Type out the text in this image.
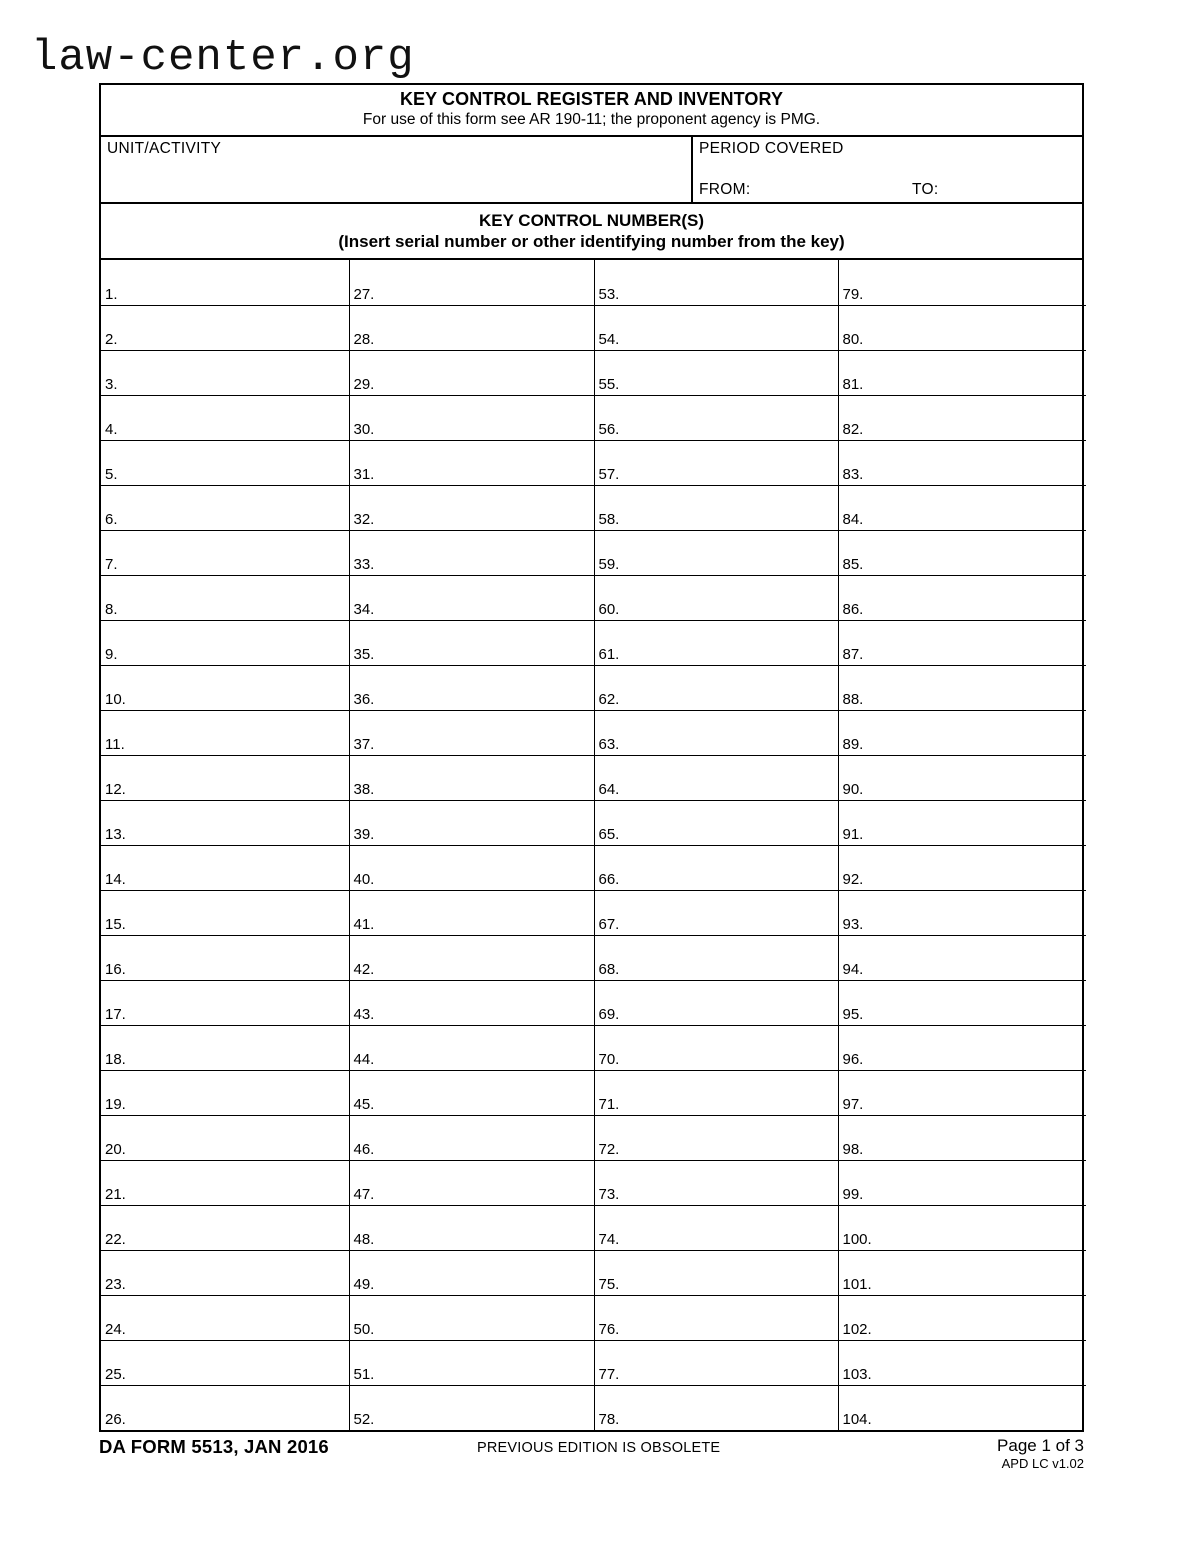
law-center.org
KEY CONTROL REGISTER AND INVENTORY
For use of this form see AR 190-11; the proponent agency is PMG.
UNIT/ACTIVITY	PERIOD COVERED
FROM:	TO:
KEY CONTROL NUMBER(S)
(Insert serial number or other identifying number from the key)
1.	27.	53.	79.
2.	28.	54.	80.
3.	29.	55.	81.
4.	30.	56.	82.
5.	31.	57.	83.
6.	32.	58.	84.
7.	33.	59.	85.
8.	34.	60.	86.
9.	35.	61.	87.
10.	36.	62.	88.
11.	37.	63.	89.
12.	38.	64.	90.
13.	39.	65.	91.
14.	40.	66.	92.
15.	41.	67.	93.
16.	42.	68.	94.
17.	43.	69.	95.
18.	44.	70.	96.
19.	45.	71.	97.
20.	46.	72.	98.
21.	47.	73.	99.
22.	48.	74.	100.
23.	49.	75.	101.
24.	50.	76.	102.
25.	51.	77.	103.
26.	52.	78.	104.
DA FORM 5513, JAN 2016	PREVIOUS EDITION IS OBSOLETE	Page 1 of 3
APD LC v1.02
